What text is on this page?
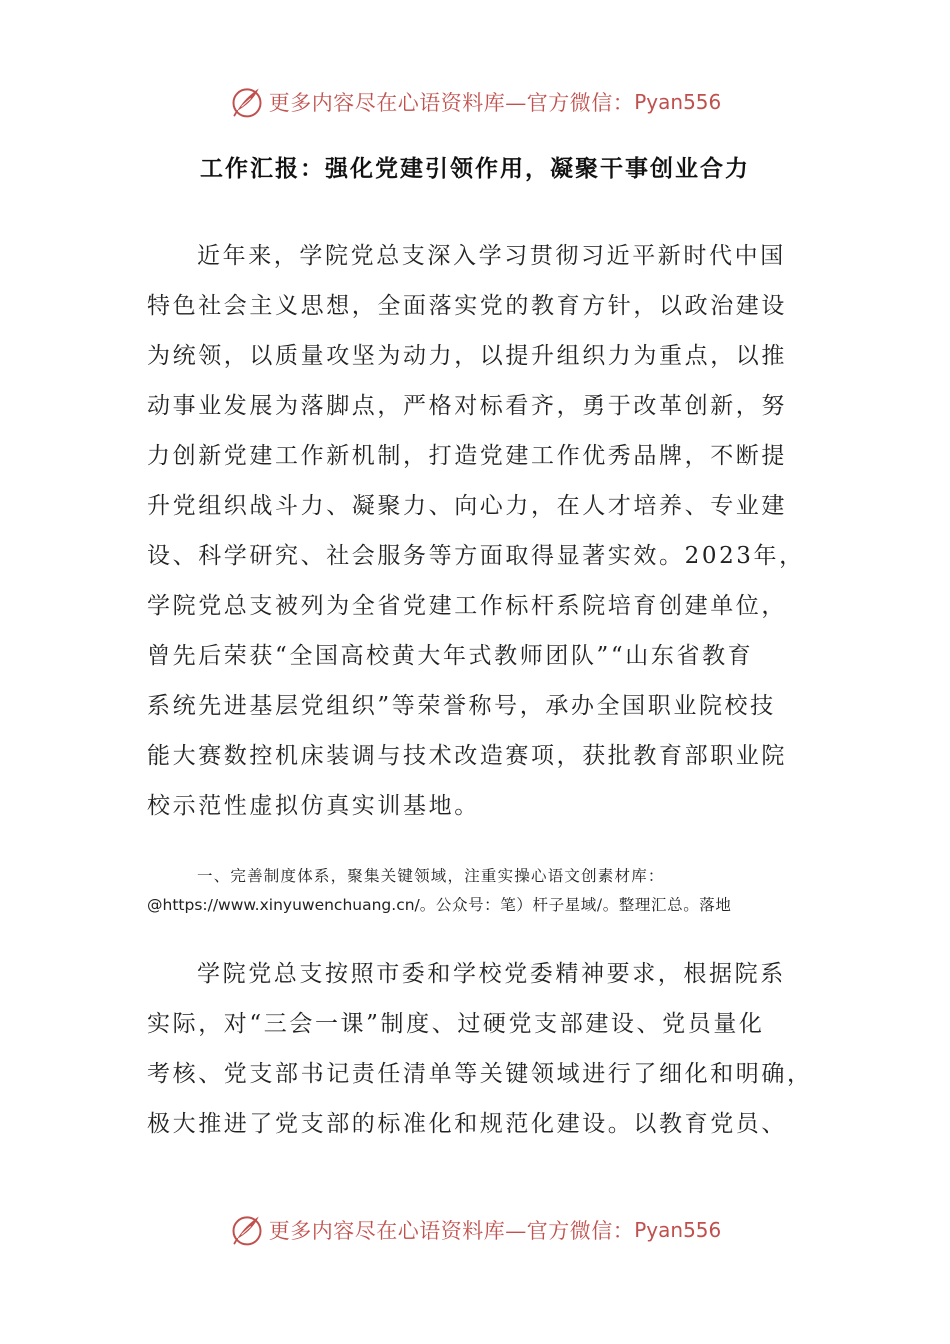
更多内容尽在心语资料库—官方微信： Pyan556
工作汇报：强化党建引领作用，凝聚干事创业合力
近年来，学院党总支深入学习贯彻习近平新时代中国
特色社会主义思想，全面落实党的教育方针，以政治建设
为统领，以质量攻坚为动力，以提升组织力为重点，以推
动事业发展为落脚点，严格对标看齐，勇于改革创新，努
力创新党建工作新机制，打造党建工作优秀品牌，不断提
升党组织战斗力、凝聚力、向心力，在人才培养、专业建
设、科学研究、社会服务等方面取得显著实效。2023年，
学院党总支被列为全省党建工作标杆系院培育创建单位，
曾先后荣获“全国高校黄大年式教师团队”“山东省教育
系统先进基层党组织”等荣誉称号，承办全国职业院校技
能大赛数控机床装调与技术改造赛项，获批教育部职业院
校示范性虚拟仿真实训基地。
一、完善制度体系，聚集关键领域，注重实操心语文创素材库：
@https://www.xinyuwenchuang.cn/。公众号：笔）杆子星域/。整理汇总。落地
学院党总支按照市委和学校党委精神要求，根据院系
实际，对“三会一课”制度、过硬党支部建设、党员量化
考核、党支部书记责任清单等关键领域进行了细化和明确，
极大推进了党支部的标准化和规范化建设。以教育党员、
更多内容尽在心语资料库—官方微信： Pyan556
